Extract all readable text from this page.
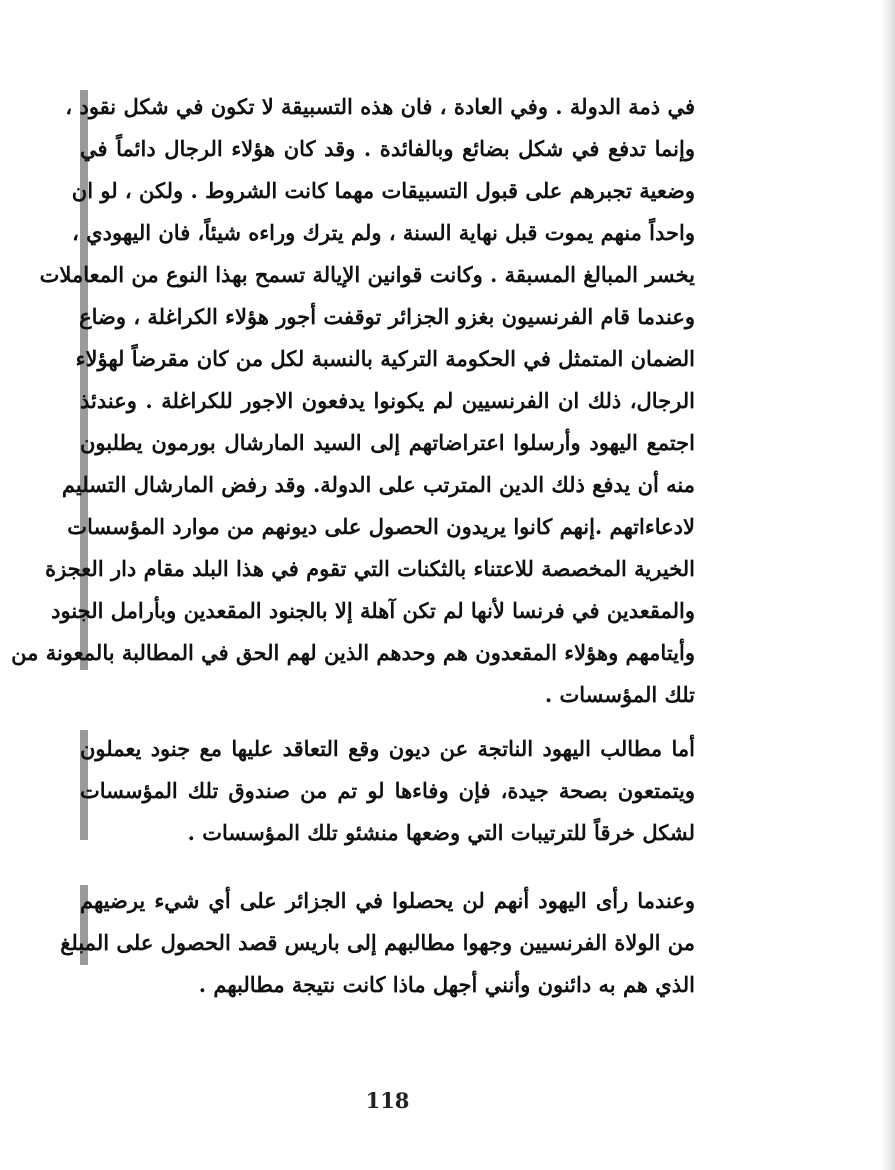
في ذمة الدولة . وفي العادة ، فان هذه التسبيقة لا تكون في شكل نقود ،
وإنما تدفع في شكل بضائع وبالفائدة . وقد كان هؤلاء الرجال دائماً في
وضعية تجبرهم على قبول التسبيقات مهما كانت الشروط . ولكن ، لو ان
واحداً منهم يموت قبل نهاية السنة ، ولم يترك وراءه شيئاً، فان اليهودي ،
يخسر المبالغ المسبقة . وكانت قوانين الإيالة تسمح بهذا النوع من المعاملات
وعندما قام الفرنسيون بغزو الجزائر توقفت أجور هؤلاء الكراغلة ، وضاع
الضمان المتمثل في الحكومة التركية بالنسبة لكل من كان مقرضاً لهؤلاء
الرجال، ذلك ان الفرنسيين لم يكونوا يدفعون الاجور للكراغلة . وعندئذ
اجتمع اليهود وأرسلوا اعتراضاتهم إلى السيد المارشال بورمون يطلبون
منه أن يدفع ذلك الدين المترتب على الدولة. وقد رفض المارشال التسليم
لادعاءاتهم .إنهم كانوا يريدون الحصول على ديونهم من موارد المؤسسات
الخيرية المخصصة للاعتناء بالثكنات التي تقوم في هذا البلد مقام دار العجزة
والمقعدين في فرنسا لأنها لم تكن آهلة إلا بالجنود المقعدين وبأرامل الجنود
وأيتامهم وهؤلاء المقعدون هم وحدهم الذين لهم الحق في المطالبة بالمعونة من
تلك المؤسسات .
أما مطالب اليهود الناتجة عن ديون وقع التعاقد عليها مع جنود يعملون
ويتمتعون بصحة جيدة، فإن وفاءها لو تم من صندوق تلك المؤسسات
لشكل خرقاً للترتيبات التي وضعها منشئو تلك المؤسسات .
وعندما رأى اليهود أنهم لن يحصلوا في الجزائر على أي شيء يرضيهم
من الولاة الفرنسيين وجهوا مطالبهم إلى باريس قصد الحصول على المبلغ
الذي هم به دائنون وأنني أجهل ماذا كانت نتيجة مطالبهم .
118
